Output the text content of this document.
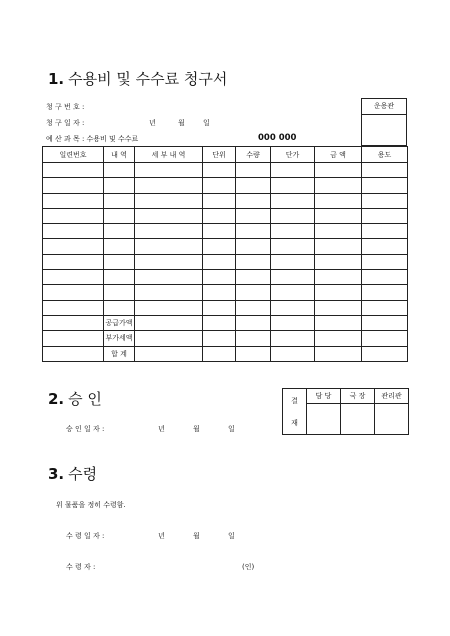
1. 수용비 및 수수료 청구서
청 구 번 호 :
청 구 일 자 :	년	월	일
예 산 과 목 : 수용비 및 수수료	000 000
운용관
일련번호	내 역	세 부 내 역	단위	수량	단가	금 액	용도

	공급가액						
	부가세액						
	합 계						
2. 승 인
승 인 일 자 :	년	월	일
결
재	담 당	국 장	관리관

3. 수령
위 물품을 정히 수령함.
수 령 일 자 :	년	월	일
수 령 자 :	(인)
